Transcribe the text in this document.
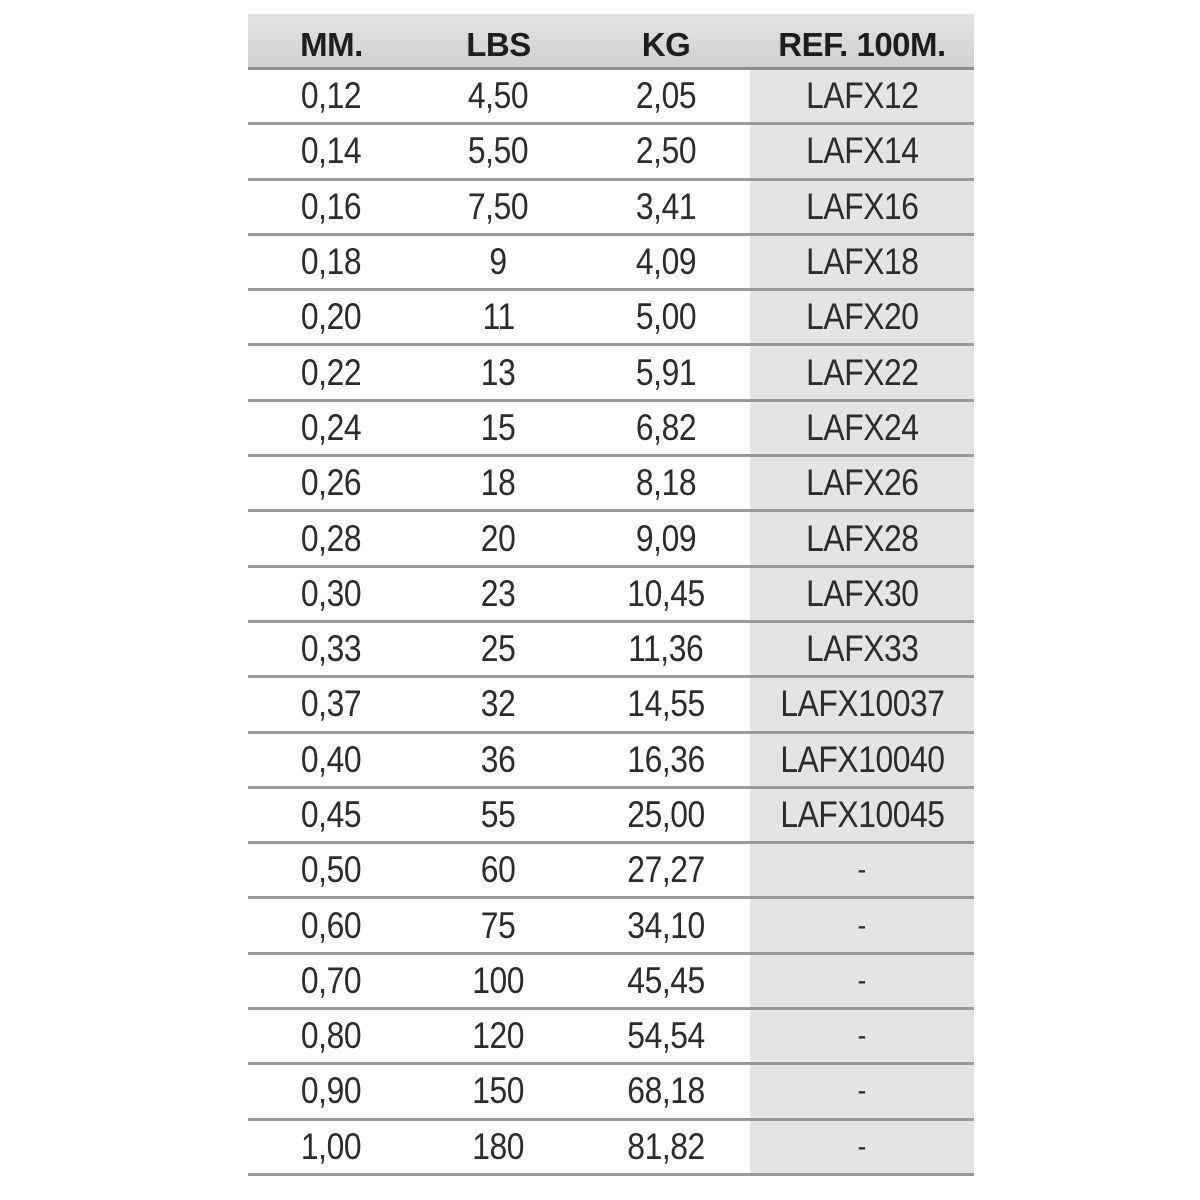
MM.	LBS	KG	REF. 100M.
0,12	4,50	2,05	LAFX12
0,14	5,50	2,50	LAFX14
0,16	7,50	3,41	LAFX16
0,18	9	4,09	LAFX18
0,20	11	5,00	LAFX20
0,22	13	5,91	LAFX22
0,24	15	6,82	LAFX24
0,26	18	8,18	LAFX26
0,28	20	9,09	LAFX28
0,30	23	10,45	LAFX30
0,33	25	11,36	LAFX33
0,37	32	14,55	LAFX10037
0,40	36	16,36	LAFX10040
0,45	55	25,00	LAFX10045
0,50	60	27,27	-
0,60	75	34,10	-
0,70	100	45,45	-
0,80	120	54,54	-
0,90	150	68,18	-
1,00	180	81,82	-
